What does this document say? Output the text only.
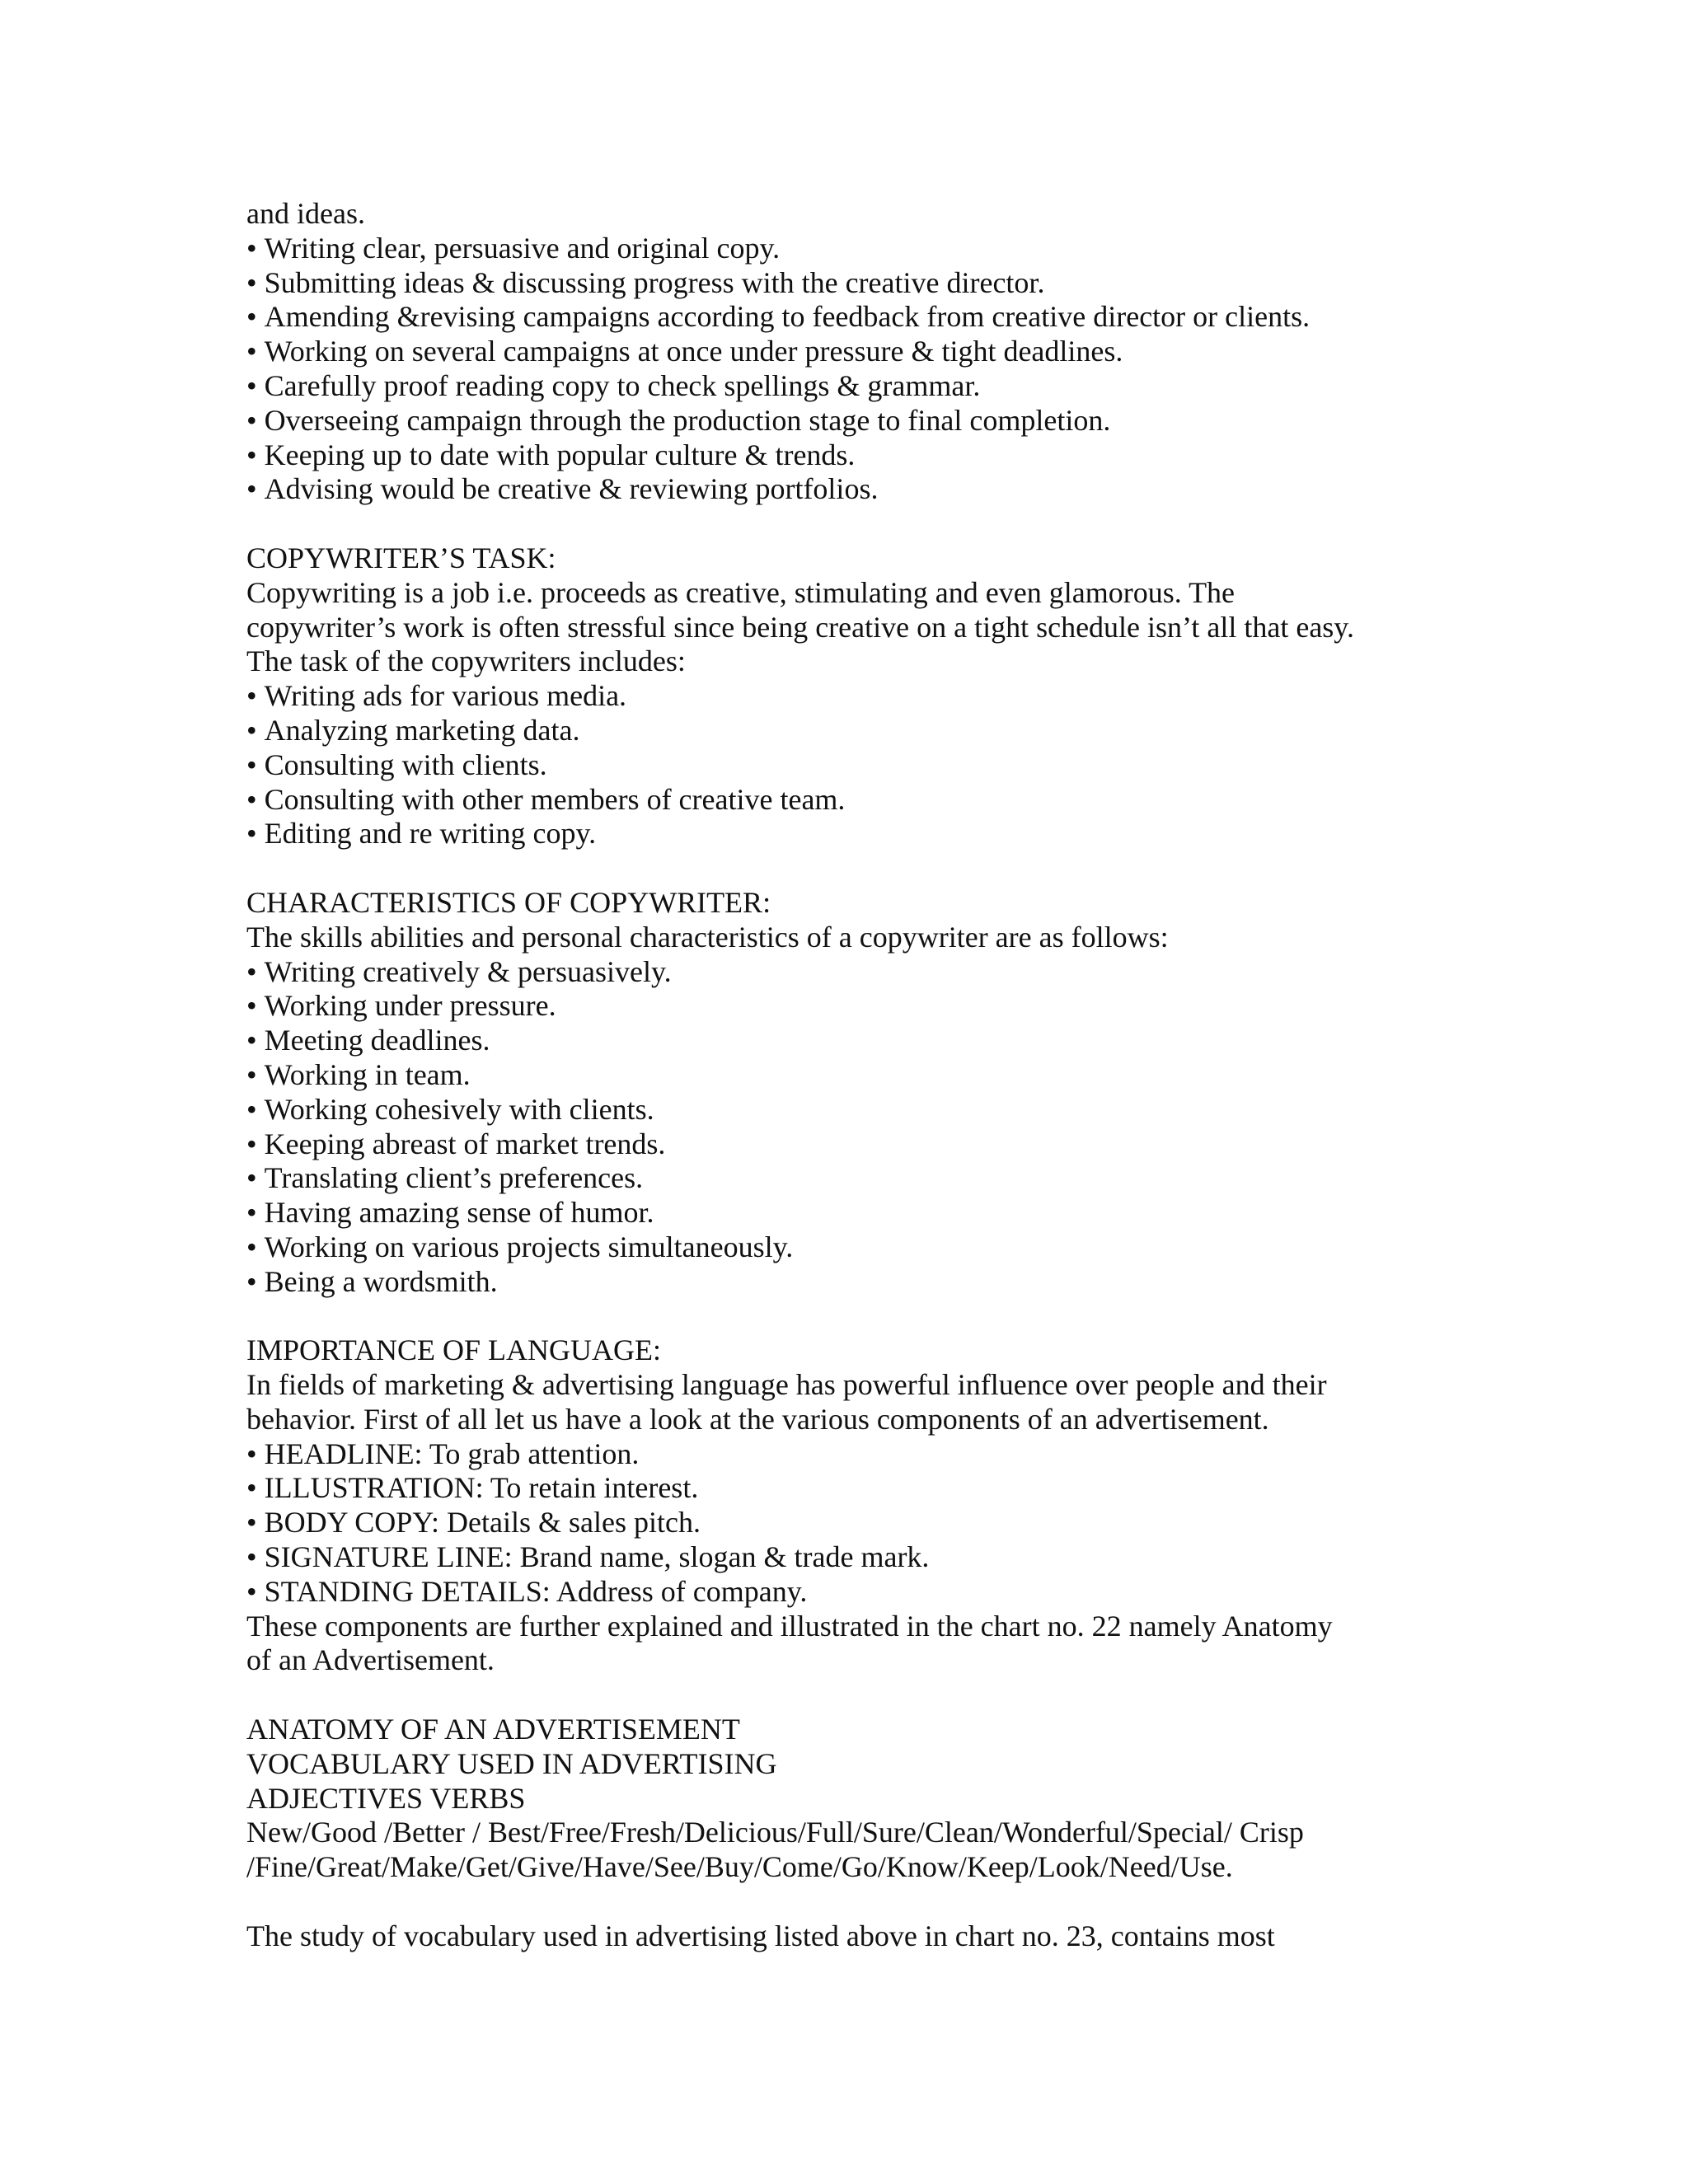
and ideas.
• Writing clear, persuasive and original copy.
• Submitting ideas & discussing progress with the creative director.
• Amending &revising campaigns according to feedback from creative director or clients.
• Working on several campaigns at once under pressure & tight deadlines.
• Carefully proof reading copy to check spellings & grammar.
• Overseeing campaign through the production stage to final completion.
• Keeping up to date with popular culture & trends.
• Advising would be creative & reviewing portfolios.
COPYWRITER’S TASK:
Copywriting is a job i.e. proceeds as creative, stimulating and even glamorous. The
copywriter’s work is often stressful since being creative on a tight schedule isn’t all that easy.
The task of the copywriters includes:
• Writing ads for various media.
• Analyzing marketing data.
• Consulting with clients.
• Consulting with other members of creative team.
• Editing and re writing copy.
CHARACTERISTICS OF COPYWRITER:
The skills abilities and personal characteristics of a copywriter are as follows:
• Writing creatively & persuasively.
• Working under pressure.
• Meeting deadlines.
• Working in team.
• Working cohesively with clients.
• Keeping abreast of market trends.
• Translating client’s preferences.
• Having amazing sense of humor.
• Working on various projects simultaneously.
• Being a wordsmith.
IMPORTANCE OF LANGUAGE:
In fields of marketing & advertising language has powerful influence over people and their
behavior. First of all let us have a look at the various components of an advertisement.
• HEADLINE: To grab attention.
• ILLUSTRATION: To retain interest.
• BODY COPY: Details & sales pitch.
• SIGNATURE LINE: Brand name, slogan & trade mark.
• STANDING DETAILS: Address of company.
These components are further explained and illustrated in the chart no. 22 namely Anatomy
of an Advertisement.
ANATOMY OF AN ADVERTISEMENT
VOCABULARY USED IN ADVERTISING
ADJECTIVES VERBS
New/Good /Better / Best/Free/Fresh/Delicious/Full/Sure/Clean/Wonderful/Special/ Crisp
/Fine/Great/Make/Get/Give/Have/See/Buy/Come/Go/Know/Keep/Look/Need/Use.
The study of vocabulary used in advertising listed above in chart no. 23, contains most
